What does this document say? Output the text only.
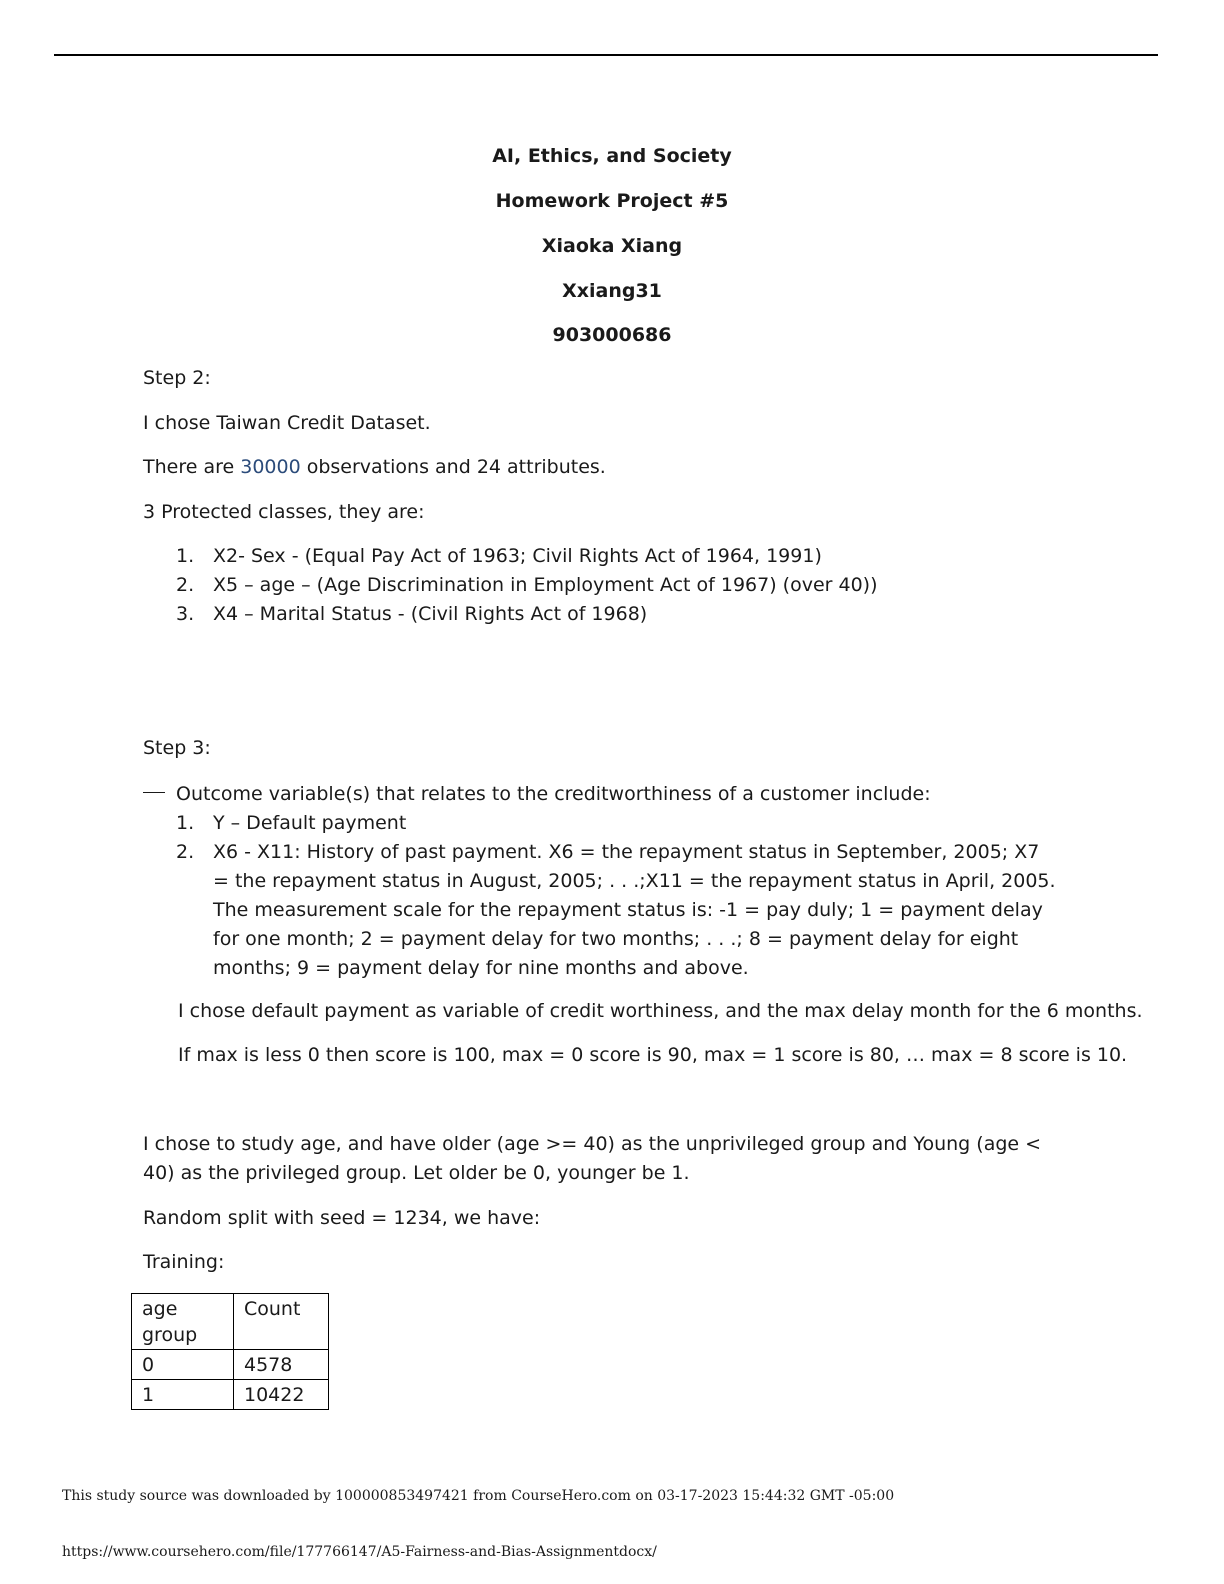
AI, Ethics, and Society
Homework Project #5
Xiaoka Xiang
Xxiang31
903000686
Step 2:
I chose Taiwan Credit Dataset.
There are 30000 observations and 24 attributes.
3 Protected classes, they are:
1. X2- Sex - (Equal Pay Act of 1963; Civil Rights Act of 1964, 1991)
2. X5 – age – (Age Discrimination in Employment Act of 1967) (over 40))
3. X4 – Marital Status - (Civil Rights Act of 1968)
Step 3:
Outcome variable(s) that relates to the creditworthiness of a customer include:
1. Y – Default payment
2. X6 - X11: History of past payment. X6 = the repayment status in September, 2005; X7 = the repayment status in August, 2005; . . .;X11 = the repayment status in April, 2005. The measurement scale for the repayment status is: -1 = pay duly; 1 = payment delay for one month; 2 = payment delay for two months; . . .; 8 = payment delay for eight months; 9 = payment delay for nine months and above.
I chose default payment as variable of credit worthiness, and the max delay month for the 6 months.
If max is less 0 then score is 100, max = 0 score is 90, max = 1 score is 80, … max = 8 score is 10.
I chose to study age, and have older (age >= 40) as the unprivileged group and Young (age < 40) as the privileged group. Let older be 0, younger be 1.
Random split with seed = 1234, we have:
Training:
age group	Count
0	4578
1	10422
This study source was downloaded by 100000853497421 from CourseHero.com on 03-17-2023 15:44:32 GMT -05:00
https://www.coursehero.com/file/177766147/A5-Fairness-and-Bias-Assignmentdocx/
